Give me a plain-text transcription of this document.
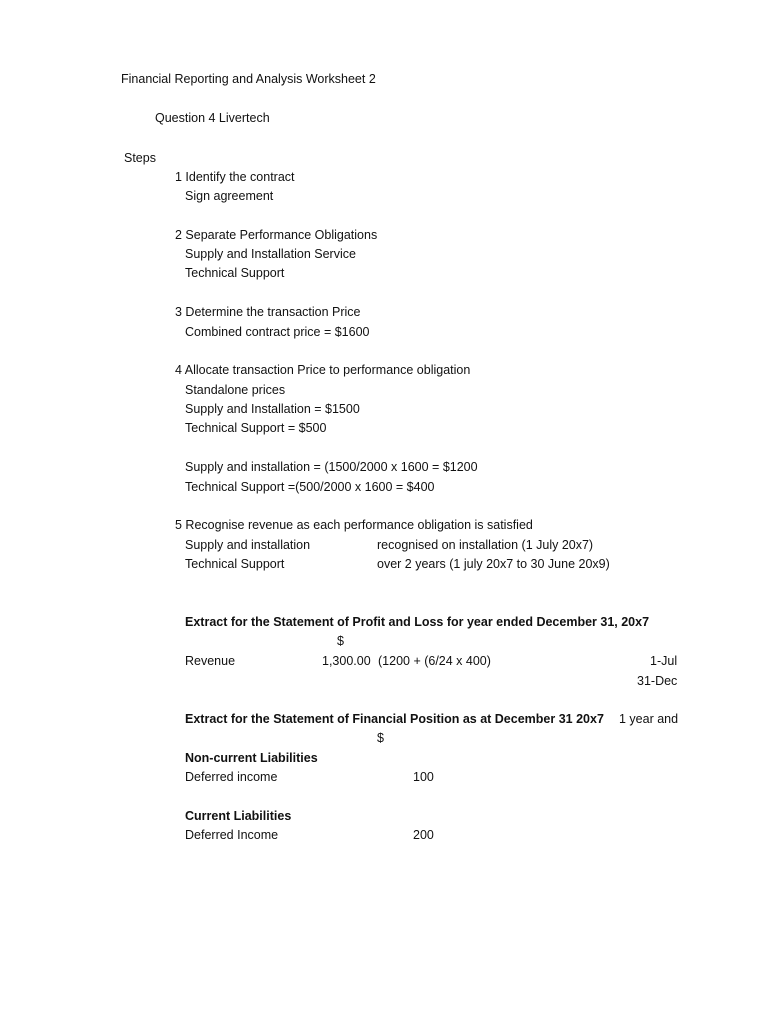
Financial Reporting and Analysis Worksheet 2
Question 4 Livertech
Steps
1 Identify the contract
Sign agreement
2 Separate Performance Obligations
Supply and Installation Service
Technical Support
3 Determine the transaction Price
Combined contract price = $1600
4 Allocate transaction Price to performance obligation
Standalone prices
Supply and Installation = $1500
Technical Support = $500
Supply and installation = (1500/2000 x 1600 = $1200
Technical Support =(500/2000 x 1600 = $400
5 Recognise revenue as each performance obligation is satisfied
Supply and installation	recognised on installation (1 July 20x7)
Technical Support	over 2 years (1 july 20x7 to 30 June 20x9)
Extract for the Statement of Profit and Loss for year ended December 31, 20x7
$
Revenue	1,300.00 (1200 + (6/24 x 400)	1-Jul
31-Dec
Extract for the Statement of Financial Position as at December 31 20x7 1 year and
$
Non-current Liabilities
Deferred income	100
Current Liabilities
Deferred Income	200
